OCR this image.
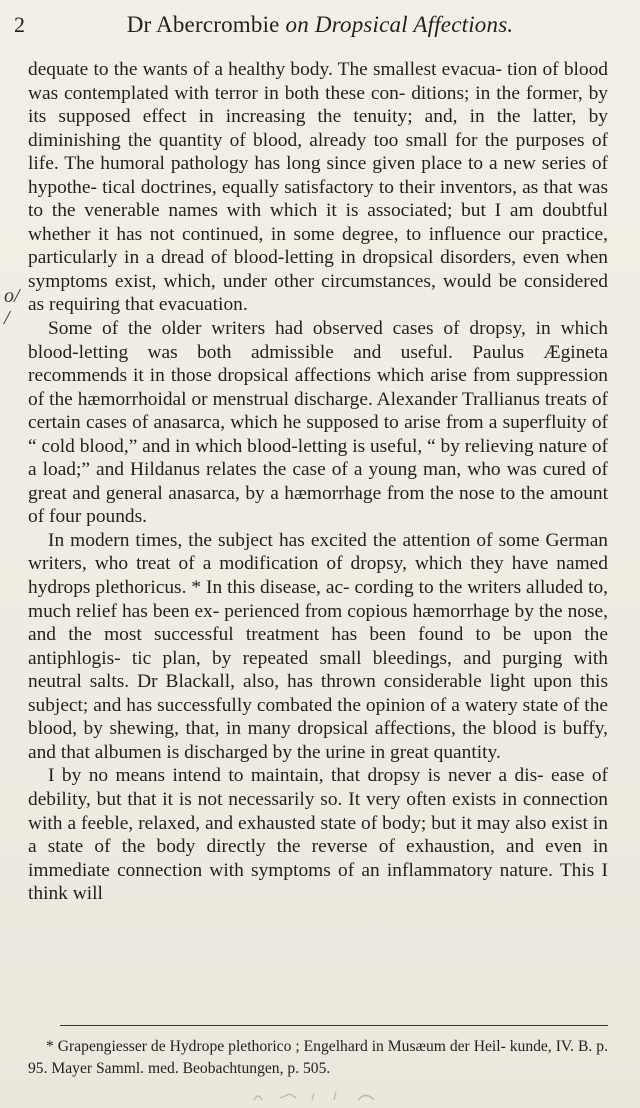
2	Dr Abercrombie on Dropsical Affections.
o/
/

dequate to the wants of a healthy body. The smallest evacua- tion of blood was contemplated with terror in both these con- ditions; in the former, by its supposed effect in increasing the tenuity; and, in the latter, by diminishing the quantity of blood, already too small for the purposes of life. The humoral pathology has long since given place to a new series of hypothe- tical doctrines, equally satisfactory to their inventors, as that was to the venerable names with which it is associated; but I am doubtful whether it has not continued, in some degree, to influence our practice, particularly in a dread of blood-letting in dropsical disorders, even when symptoms exist, which, under other circumstances, would be considered as requiring that evacuation.

Some of the older writers had observed cases of dropsy, in which blood-letting was both admissible and useful. Paulus Ægineta recommends it in those dropsical affections which arise from suppression of the hæmorrhoidal or menstrual discharge. Alexander Trallianus treats of certain cases of anasarca, which he supposed to arise from a superfluity of “ cold blood,” and in which blood-letting is useful, “ by relieving nature of a load;” and Hildanus relates the case of a young man, who was cured of great and general anasarca, by a hæmorrhage from the nose to the amount of four pounds.

In modern times, the subject has excited the attention of some German writers, who treat of a modification of dropsy, which they have named hydrops plethoricus. * In this disease, ac- cording to the writers alluded to, much relief has been ex- perienced from copious hæmorrhage by the nose, and the most successful treatment has been found to be upon the antiphlogis- tic plan, by repeated small bleedings, and purging with neutral salts. Dr Blackall, also, has thrown considerable light upon this subject; and has successfully combated the opinion of a watery state of the blood, by shewing, that, in many dropsical affections, the blood is buffy, and that albumen is discharged by the urine in great quantity.

I by no means intend to maintain, that dropsy is never a dis- ease of debility, but that it is not necessarily so. It very often exists in connection with a feeble, relaxed, and exhausted state of body; but it may also exist in a state of the body directly the reverse of exhaustion, and even in immediate connection with symptoms of an inflammatory nature. This I think will

* Grapengiesser de Hydrope plethorico ; Engelhard in Musæum der Heil- kunde, IV. B. p. 95. Mayer Samml. med. Beobachtungen, p. 505.
